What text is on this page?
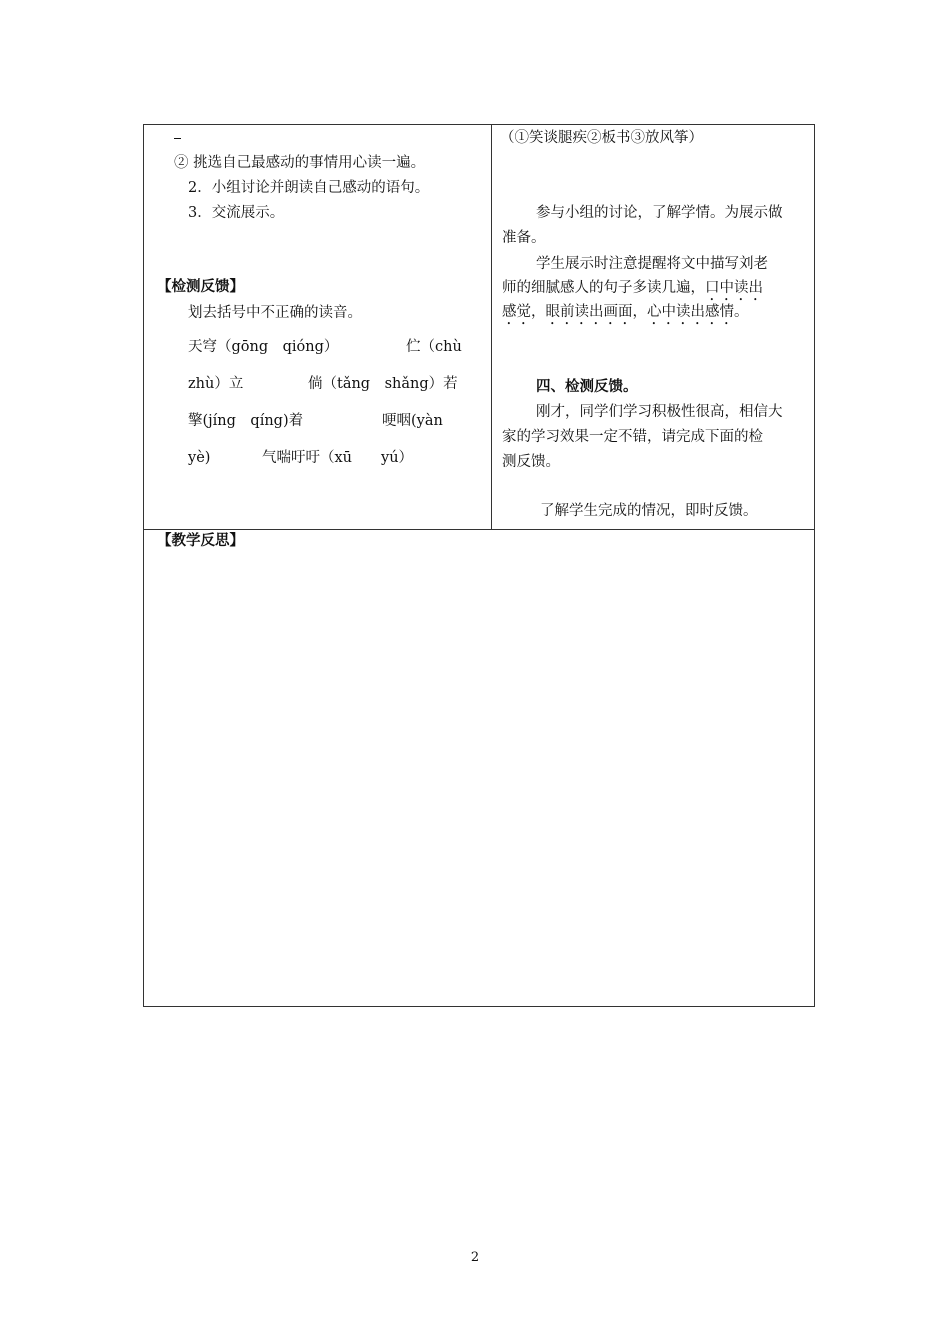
② 挑选自己最感动的事情用心读一遍。
2．小组讨论并朗读自己感动的语句。
3．交流展示。
【检测反馈】
划去括号中不正确的读音。
天穹（gōng　qióng）	伫（chù
zhù）立	倘（tǎng　shǎng）若
擎(jíng　qíng)着	哽咽(yàn
yè)	气喘吁吁（xū　　yú）
（①笑谈腿疾②板书③放风筝）
参与小组的讨论，了解学情。为展示做
准备。
学生展示时注意提醒将文中描写刘老
师的细腻感人的句子多读几遍，口中读出
感觉，眼前读出画面，心中读出感情。
四、检测反馈。
刚才，同学们学习积极性很高，相信大
家的学习效果一定不错，请完成下面的检
测反馈。
了解学生完成的情况，即时反馈。
【教学反思】
2
